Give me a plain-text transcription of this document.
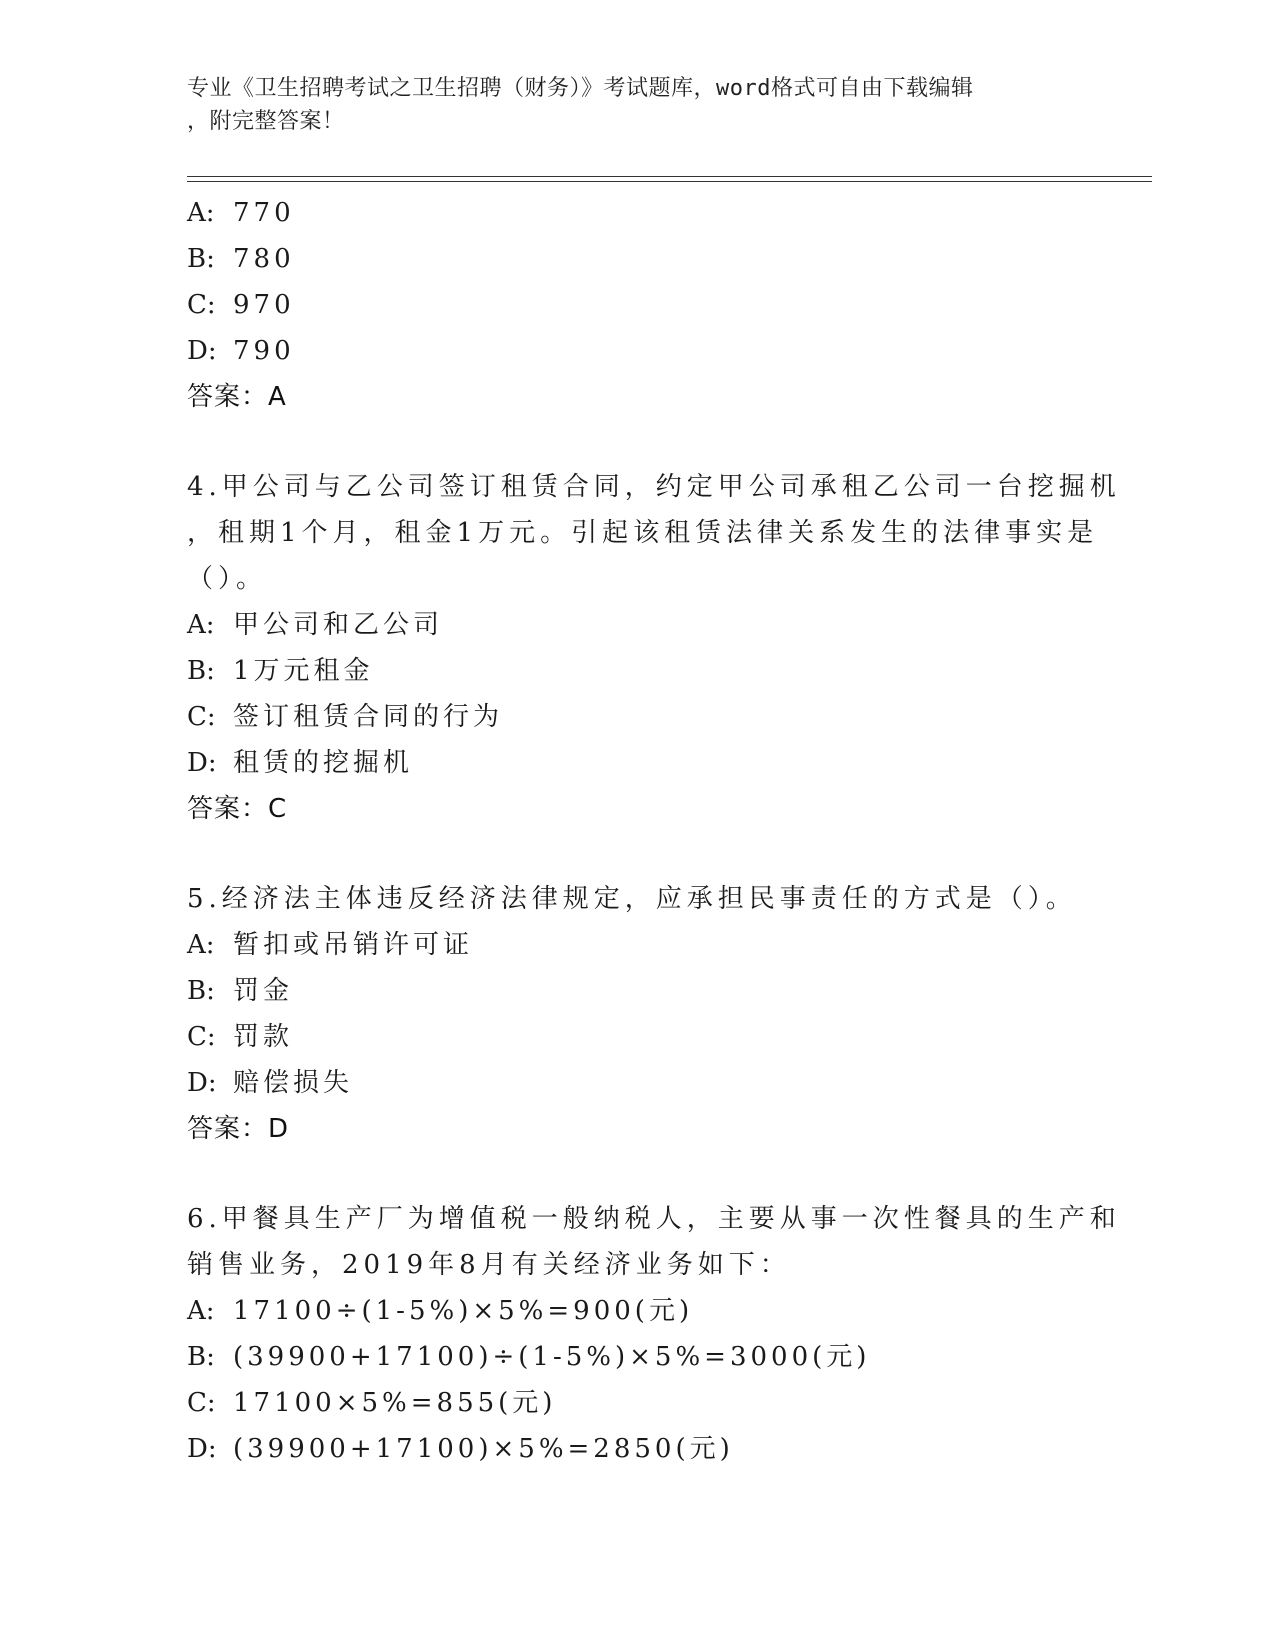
专业《卫生招聘考试之卫生招聘（财务）》考试题库，word格式可自由下载编辑
，附完整答案！
A: 770
B: 780
C: 970
D: 790
答案：A
4.甲公司与乙公司签订租赁合同，约定甲公司承租乙公司一台挖掘机
，租期1个月，租金1万元。引起该租赁法律关系发生的法律事实是
（）。
A: 甲公司和乙公司
B: 1万元租金
C: 签订租赁合同的行为
D: 租赁的挖掘机
答案：C
5.经济法主体违反经济法律规定，应承担民事责任的方式是（）。
A: 暂扣或吊销许可证
B: 罚金
C: 罚款
D: 赔偿损失
答案：D
6.甲餐具生产厂为增值税一般纳税人，主要从事一次性餐具的生产和
销售业务，2019年8月有关经济业务如下：
A: 17100÷(1-5%)×5%=900(元)
B: (39900+17100)÷(1-5%)×5%=3000(元)
C: 17100×5%=855(元)
D: (39900+17100)×5%=2850(元)
